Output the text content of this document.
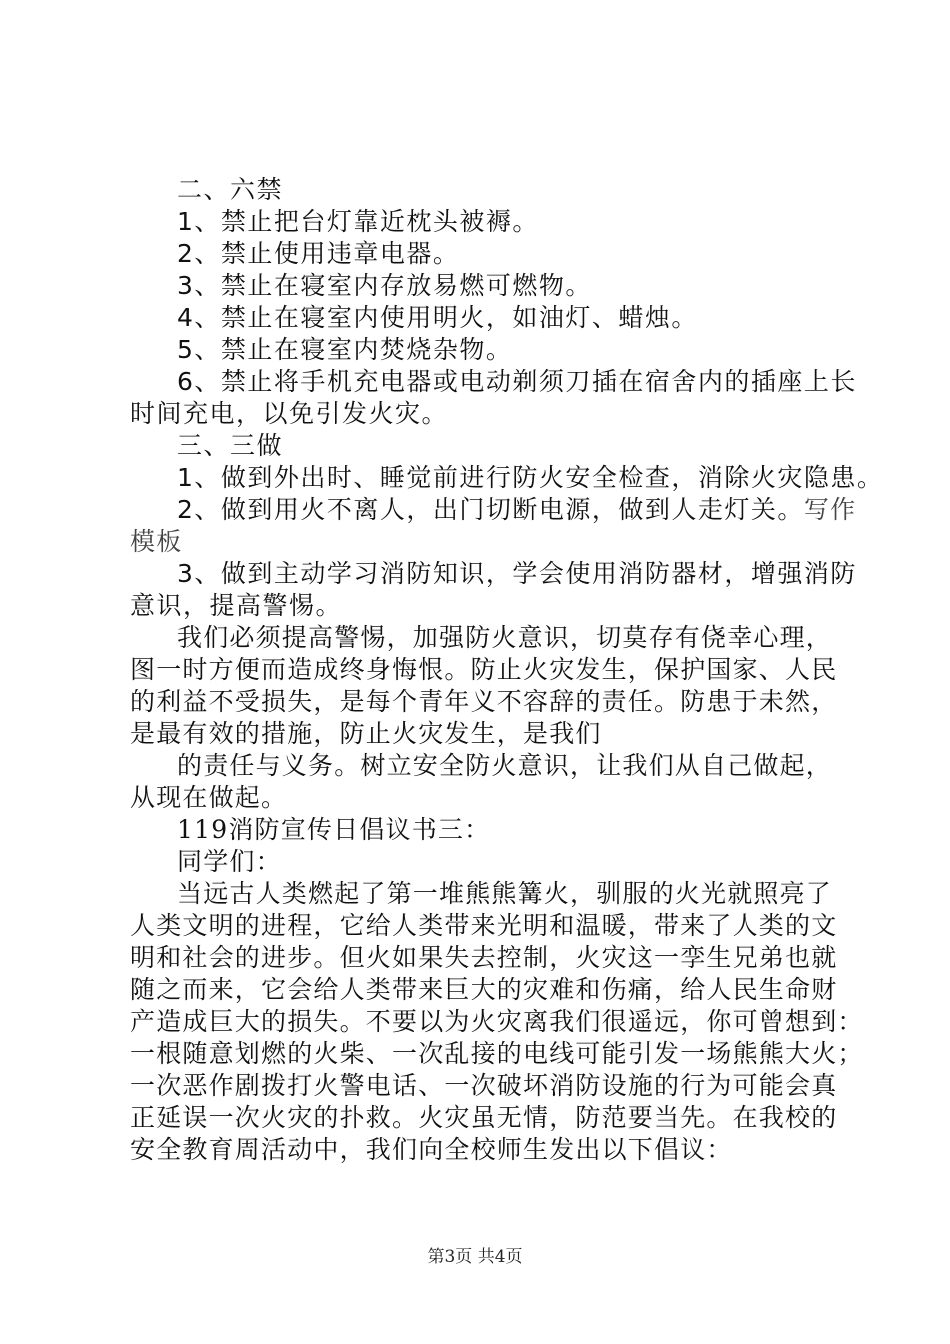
二、六禁
1、禁止把台灯靠近枕头被褥。
2、禁止使用违章电器。
3、禁止在寝室内存放易燃可燃物。
4、禁止在寝室内使用明火，如油灯、蜡烛。
5、禁止在寝室内焚烧杂物。
6、禁止将手机充电器或电动剃须刀插在宿舍内的插座上长
时间充电，以免引发火灾。
三、三做
1、做到外出时、睡觉前进行防火安全检查，消除火灾隐患。
2、做到用火不离人，出门切断电源，做到人走灯关。写作
模板
3、做到主动学习消防知识，学会使用消防器材，增强消防
意识，提高警惕。
我们必须提高警惕，加强防火意识，切莫存有侥幸心理，
图一时方便而造成终身悔恨。防止火灾发生，保护国家、人民
的利益不受损失，是每个青年义不容辞的责任。防患于未然，
是最有效的措施，防止火灾发生，是我们
的责任与义务。树立安全防火意识，让我们从自己做起，
从现在做起。
119消防宣传日倡议书三：
同学们：
当远古人类燃起了第一堆熊熊篝火，驯服的火光就照亮了
人类文明的进程，它给人类带来光明和温暖，带来了人类的文
明和社会的进步。但火如果失去控制，火灾这一孪生兄弟也就
随之而来，它会给人类带来巨大的灾难和伤痛，给人民生命财
产造成巨大的损失。不要以为火灾离我们很遥远，你可曾想到：
一根随意划燃的火柴、一次乱接的电线可能引发一场熊熊大火；
一次恶作剧拨打火警电话、一次破坏消防设施的行为可能会真
正延误一次火灾的扑救。火灾虽无情，防范要当先。在我校的
安全教育周活动中，我们向全校师生发出以下倡议：
第3页 共4页
